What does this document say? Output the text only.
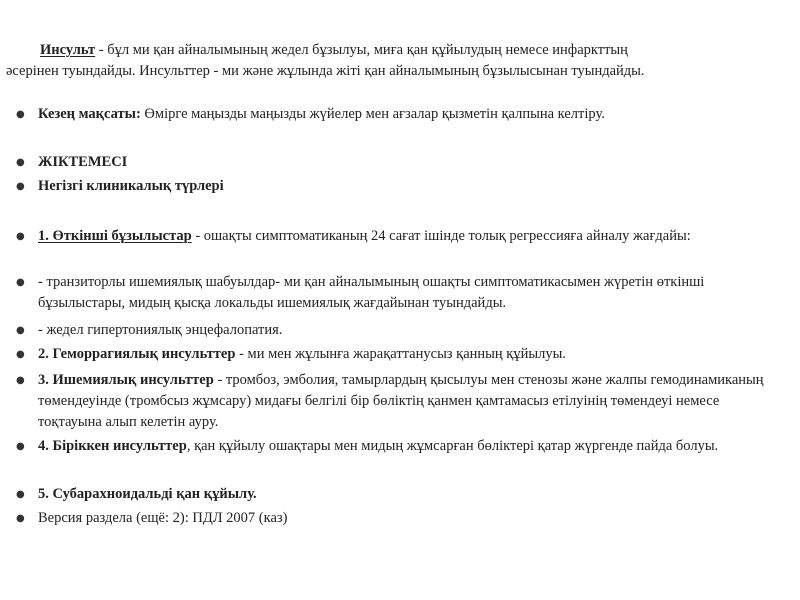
Инсульт - бұл ми қан айналымының жедел бұзылуы, миға қан құйылудың немесе инфаркттың
әсерінен туындайды. Инсульттер - ми және жұлында жіті қан айналымының бұзылысынан туындайды.

● Кезең мақсаты: Өмірге маңызды маңызды жүйелер мен ағзалар қызметін қалпына келтіру.
● ЖІКТЕМЕСІ
● Негізгі клиникалық түрлері
● 1. Өткінші бұзылыстар - ошақты симптоматиканың 24 сағат ішінде толық регрессияға айналу жағдайы:
● - транзиторлы ишемиялық шабуылдар- ми қан айналымының ошақты симптоматикасымен жүретін өткінші бұзылыстары, мидың қысқа локальды ишемиялық жағдайынан туындайды.
● - жедел гипертониялық энцефалопатия.
● 2. Геморрагиялық инсульттер - ми мен жұлынға жарақаттанусыз қанның құйылуы.
● 3. Ишемиялық инсульттер - тромбоз, эмболия, тамырлардың қысылуы мен стенозы және жалпы гемодинамиканың төмендеуінде (тромбсыз жұмсару) мидағы белгілі бір бөліктің қанмен қамтамасыз етілуінің төмендеуі немесе тоқтауына алып келетін ауру.
● 4. Біріккен инсульттер, қан құйылу ошақтары мен мидың жұмсарған бөліктері қатар жүргенде пайда болуы.
● 5. Субарахноидальді қан құйылу.
● Версия раздела (ещё: 2): ПДЛ 2007 (каз)
